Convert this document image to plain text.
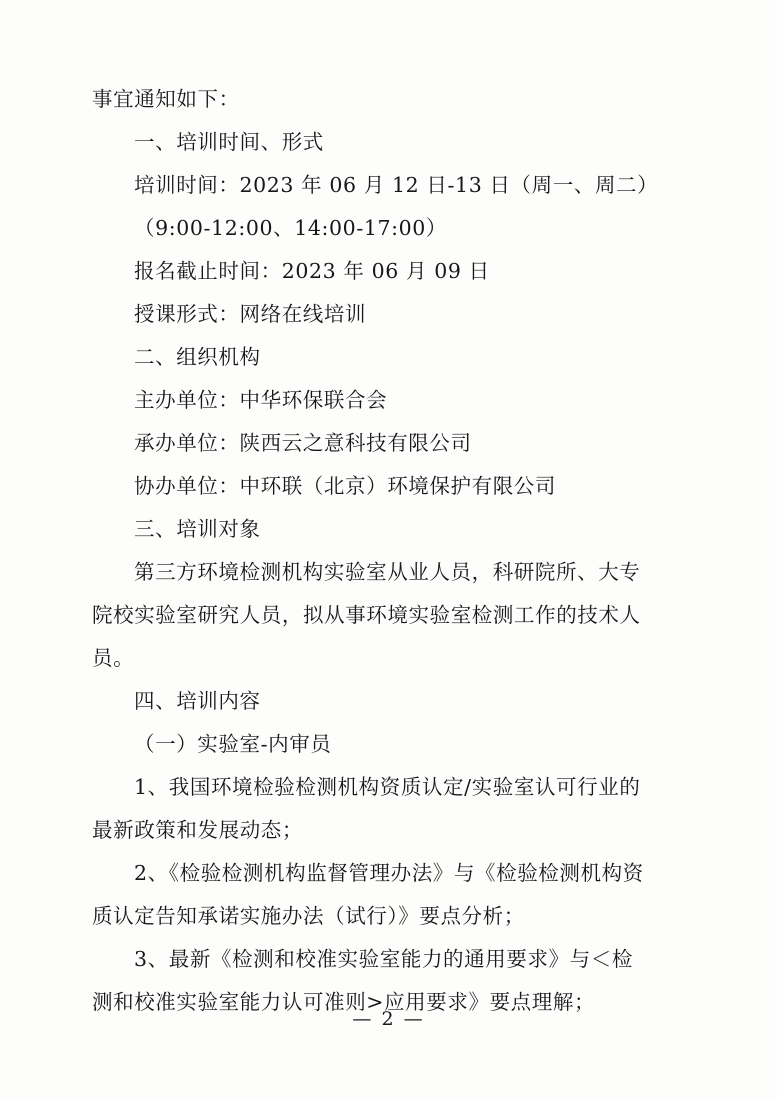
事宜通知如下：
一、培训时间、形式
培训时间：2023 年 06 月 12 日-13 日（周一、周二）
（9:00-12:00、14:00-17:00）
报名截止时间：2023 年 06 月 09 日
授课形式：网络在线培训
二、组织机构
主办单位：中华环保联合会
承办单位：陕西云之意科技有限公司
协办单位：中环联（北京）环境保护有限公司
三、培训对象
第三方环境检测机构实验室从业人员，科研院所、大专
院校实验室研究人员，拟从事环境实验室检测工作的技术人
员。
四、培训内容
（一）实验室-内审员
1、我国环境检验检测机构资质认定/实验室认可行业的
最新政策和发展动态；
2、《检验检测机构监督管理办法》与《检验检测机构资
质认定告知承诺实施办法（试行）》要点分析；
3、最新《检测和校准实验室能力的通用要求》与＜检
测和校准实验室能力认可准则>应用要求》要点理解；
— 2 —
